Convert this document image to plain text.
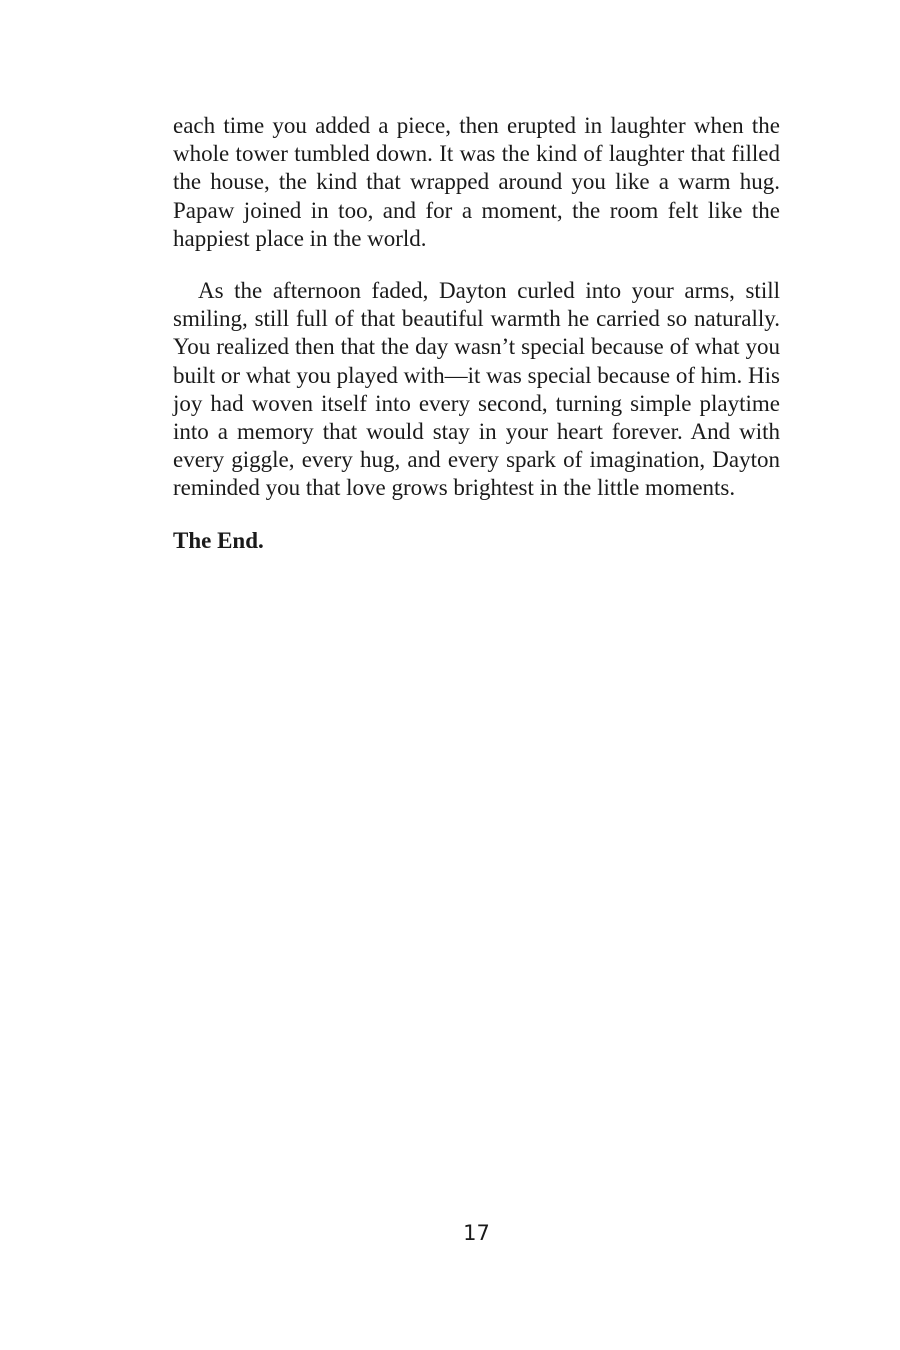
each time you added a piece, then erupted in laughter when the whole tower tumbled down. It was the kind of laughter that filled the house, the kind that wrapped around you like a warm hug. Papaw joined in too, and for a moment, the room felt like the happiest place in the world.

As the afternoon faded, Dayton curled into your arms, still smiling, still full of that beautiful warmth he carried so naturally. You realized then that the day wasn’t special because of what you built or what you played with—it was special because of him. His joy had woven itself into every second, turning simple playtime into a memory that would stay in your heart forever. And with every giggle, every hug, and every spark of imagination, Dayton reminded you that love grows brightest in the little moments.

The End.

17
